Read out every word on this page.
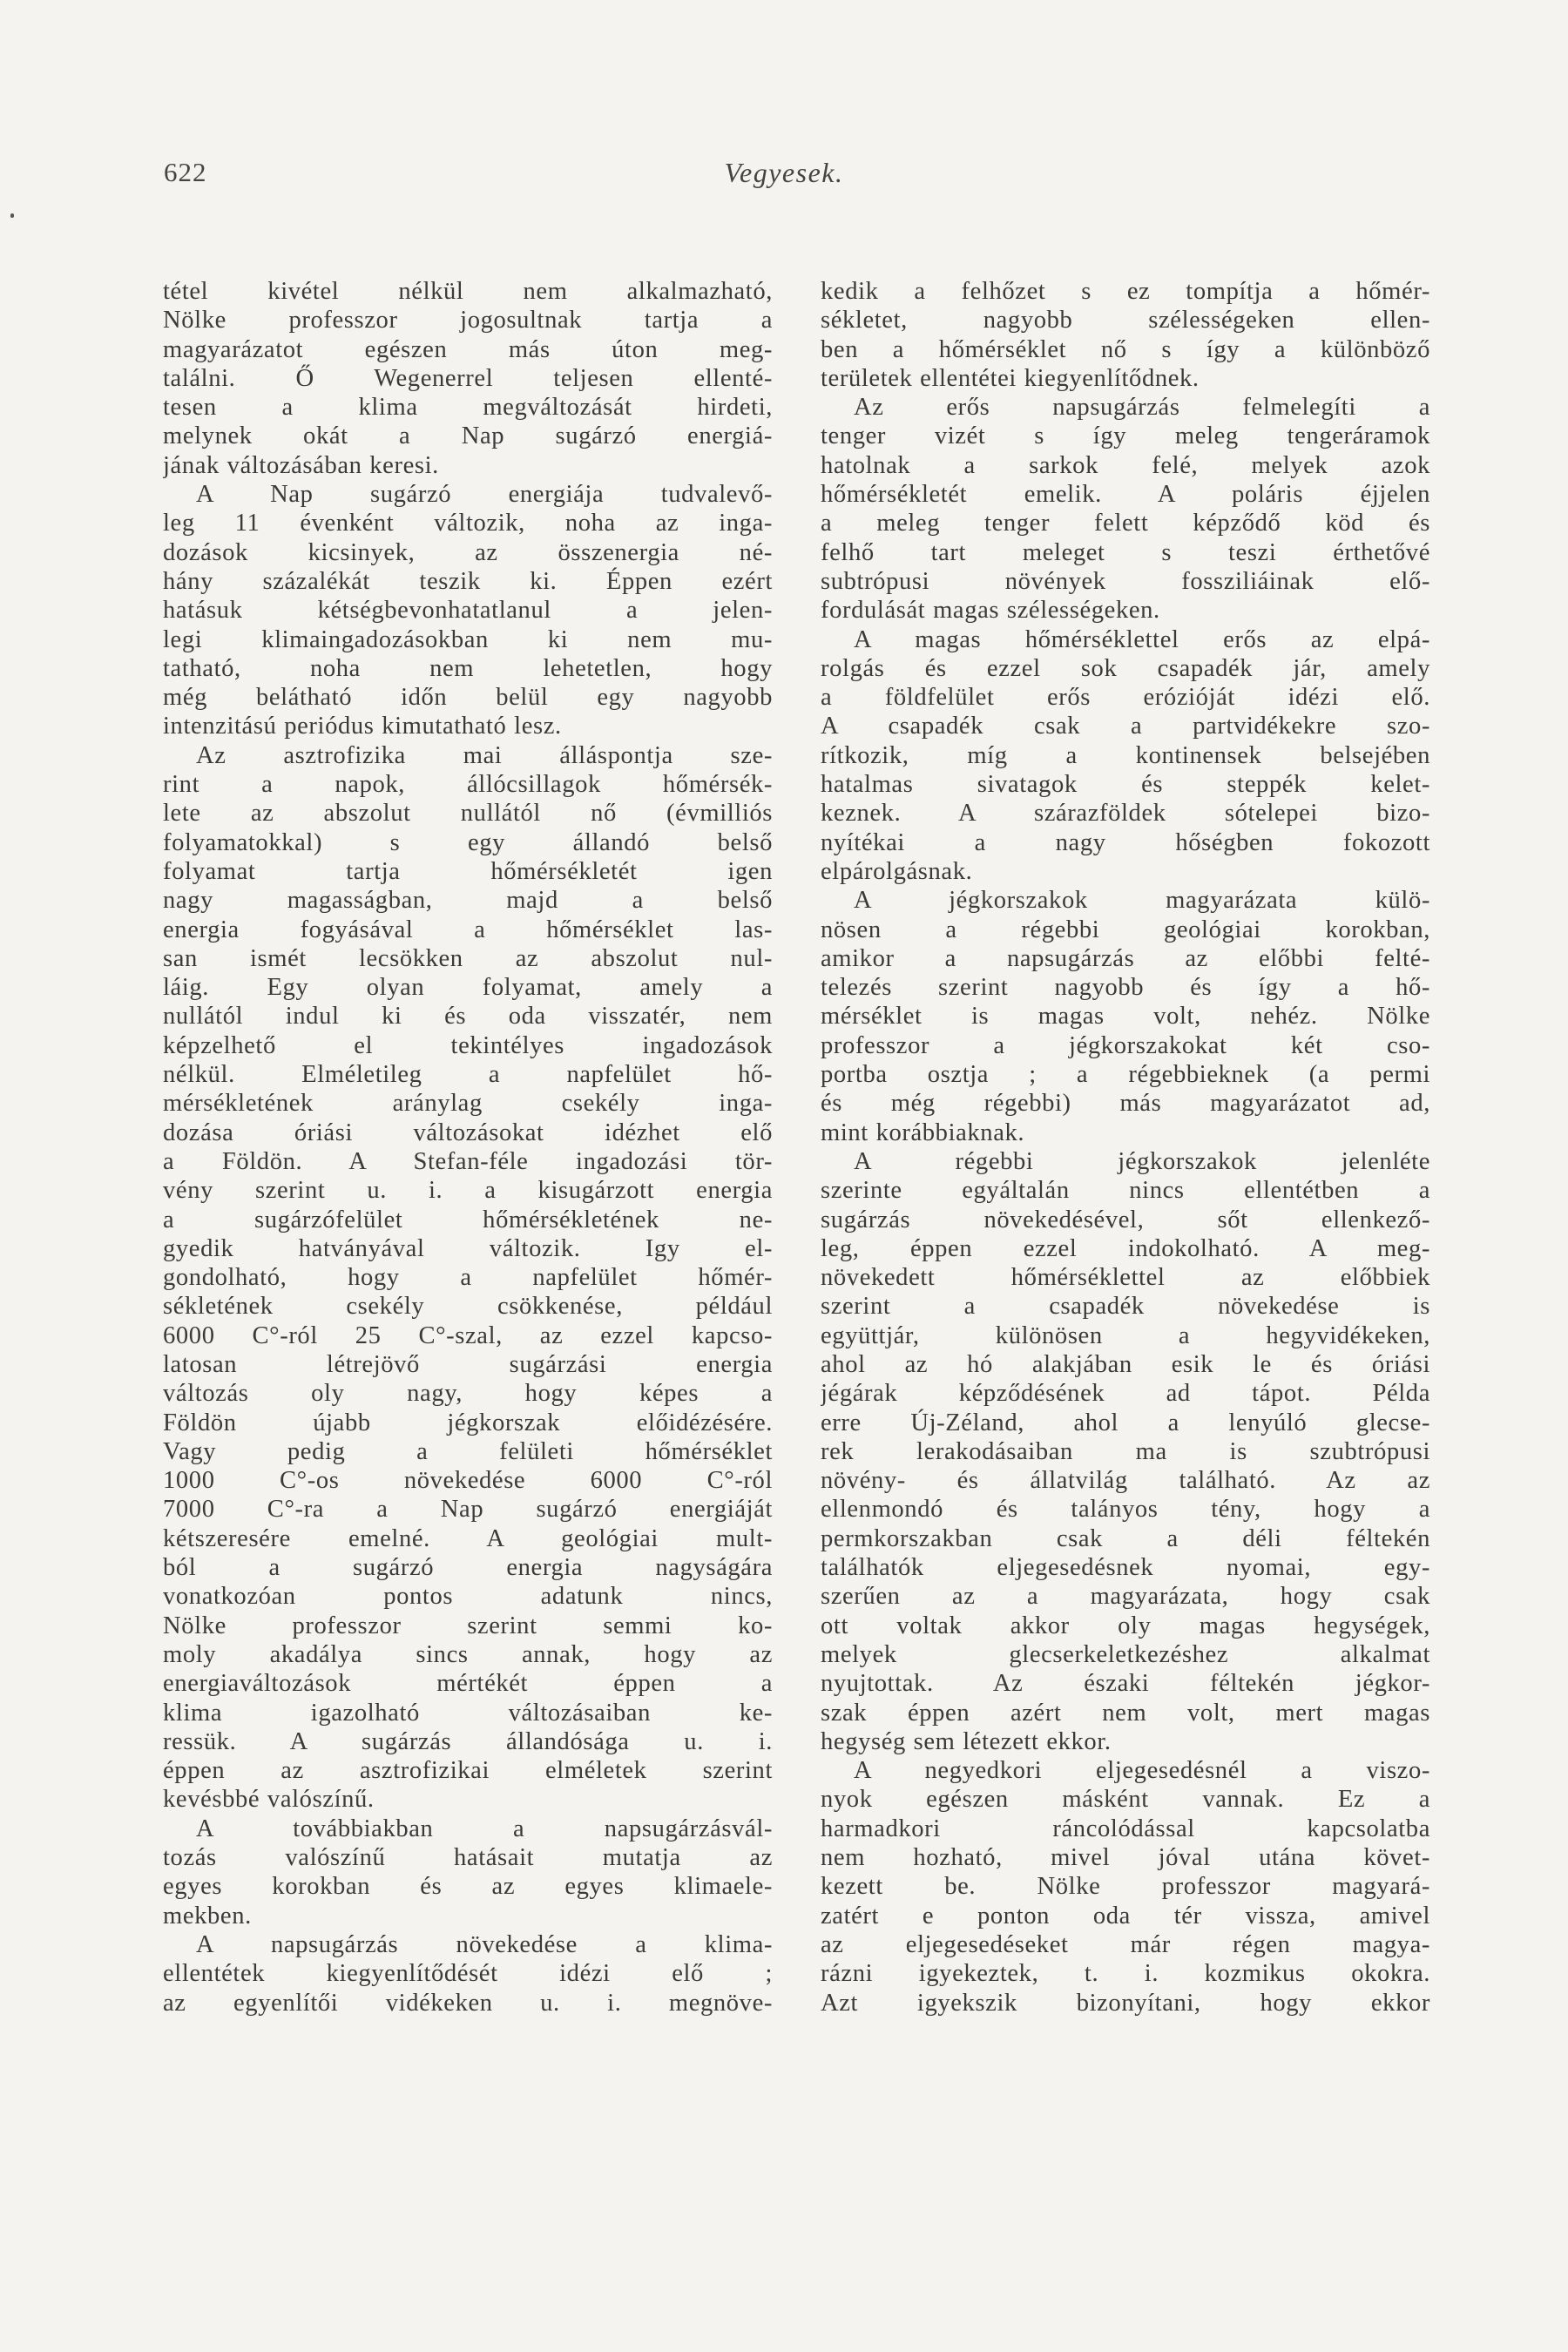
Vegyesek.
622
tétel kivétel nélkül nem alkalmazható,
Nölke professzor jogosultnak tartja a
magyarázatot egészen más úton meg-
találni. Ő Wegenerrel teljesen ellenté-
tesen a klima megváltozását hirdeti,
melynek okát a Nap sugárzó energiá-
jának változásában keresi.
A Nap sugárzó energiája tudvalevő-
leg 11 évenként változik, noha az inga-
dozások kicsinyek, az összenergia né-
hány százalékát teszik ki. Éppen ezért
hatásuk kétségbevonhatatlanul a jelen-
legi klimaingadozásokban ki nem mu-
tatható, noha nem lehetetlen, hogy
még belátható időn belül egy nagyobb
intenzitású periódus kimutatható lesz.
Az asztrofizika mai álláspontja sze-
rint a napok, állócsillagok hőmérsék-
lete az abszolut nullától nő (évmilliós
folyamatokkal) s egy állandó belső
folyamat tartja hőmérsékletét igen
nagy magasságban, majd a belső
energia fogyásával a hőmérséklet las-
san ismét lecsökken az abszolut nul-
láig. Egy olyan folyamat, amely a
nullától indul ki és oda visszatér, nem
képzelhető el tekintélyes ingadozások
nélkül. Elméletileg a napfelület hő-
mérsékletének aránylag csekély inga-
dozása óriási változásokat idézhet elő
a Földön. A Stefan-féle ingadozási tör-
vény szerint u. i. a kisugárzott energia
a sugárzófelület hőmérsékletének ne-
gyedik hatványával változik. Igy el-
gondolható, hogy a napfelület hőmér-
sékletének csekély csökkenése, például
6000 C°-ról 25 C°-szal, az ezzel kapcso-
latosan létrejövő sugárzási energia
változás oly nagy, hogy képes a
Földön újabb jégkorszak előidézésére.
Vagy pedig a felületi hőmérséklet
1000 C°-os növekedése 6000 C°-ról
7000 C°-ra a Nap sugárzó energiáját
kétszeresére emelné. A geológiai mult-
ból a sugárzó energia nagyságára
vonatkozóan pontos adatunk nincs,
Nölke professzor szerint semmi ko-
moly akadálya sincs annak, hogy az
energiaváltozások mértékét éppen a
klima igazolható változásaiban ke-
ressük. A sugárzás állandósága u. i.
éppen az asztrofizikai elméletek szerint
kevésbbé valószínű.
A továbbiakban a napsugárzásvál-
tozás valószínű hatásait mutatja az
egyes korokban és az egyes klimaele-
mekben.
A napsugárzás növekedése a klima-
ellentétek kiegyenlítődését idézi elő ;
az egyenlítői vidékeken u. i. megnöve-
kedik a felhőzet s ez tompítja a hőmér-
sékletet, nagyobb szélességeken ellen-
ben a hőmérséklet nő s így a különböző
területek ellentétei kiegyenlítődnek.
Az erős napsugárzás felmelegíti a
tenger vizét s így meleg tengeráramok
hatolnak a sarkok felé, melyek azok
hőmérsékletét emelik. A poláris éjjelen
a meleg tenger felett képződő köd és
felhő tart meleget s teszi érthetővé
subtrópusi növények fossziliáinak elő-
fordulását magas szélességeken.
A magas hőmérséklettel erős az elpá-
rolgás és ezzel sok csapadék jár, amely
a földfelület erős erózióját idézi elő.
A csapadék csak a partvidékekre szo-
rítkozik, míg a kontinensek belsejében
hatalmas sivatagok és steppék kelet-
keznek. A szárazföldek sótelepei bizo-
nyítékai a nagy hőségben fokozott
elpárolgásnak.
A jégkorszakok magyarázata külö-
nösen a régebbi geológiai korokban,
amikor a napsugárzás az előbbi felté-
telezés szerint nagyobb és így a hő-
mérséklet is magas volt, nehéz. Nölke
professzor a jégkorszakokat két cso-
portba osztja ; a régebbieknek (a permi
és még régebbi) más magyarázatot ad,
mint korábbiaknak.
A régebbi jégkorszakok jelenléte
szerinte egyáltalán nincs ellentétben a
sugárzás növekedésével, sőt ellenkező-
leg, éppen ezzel indokolható. A meg-
növekedett hőmérséklettel az előbbiek
szerint a csapadék növekedése is
együttjár, különösen a hegyvidékeken,
ahol az hó alakjában esik le és óriási
jégárak képződésének ad tápot. Példa
erre Új-Zéland, ahol a lenyúló glecse-
rek lerakodásaiban ma is szubtrópusi
növény- és állatvilág található. Az az
ellenmondó és talányos tény, hogy a
permkorszakban csak a déli féltekén
találhatók eljegesedésnek nyomai, egy-
szerűen az a magyarázata, hogy csak
ott voltak akkor oly magas hegységek,
melyek glecserkeletkezéshez alkalmat
nyujtottak. Az északi féltekén jégkor-
szak éppen azért nem volt, mert magas
hegység sem létezett ekkor.
A negyedkori eljegesedésnél a viszo-
nyok egészen másként vannak. Ez a
harmadkori ráncolódással kapcsolatba
nem hozható, mivel jóval utána követ-
kezett be. Nölke professzor magyará-
zatért e ponton oda tér vissza, amivel
az eljegesedéseket már régen magya-
rázni igyekeztek, t. i. kozmikus okokra.
Azt igyekszik bizonyítani, hogy ekkor
